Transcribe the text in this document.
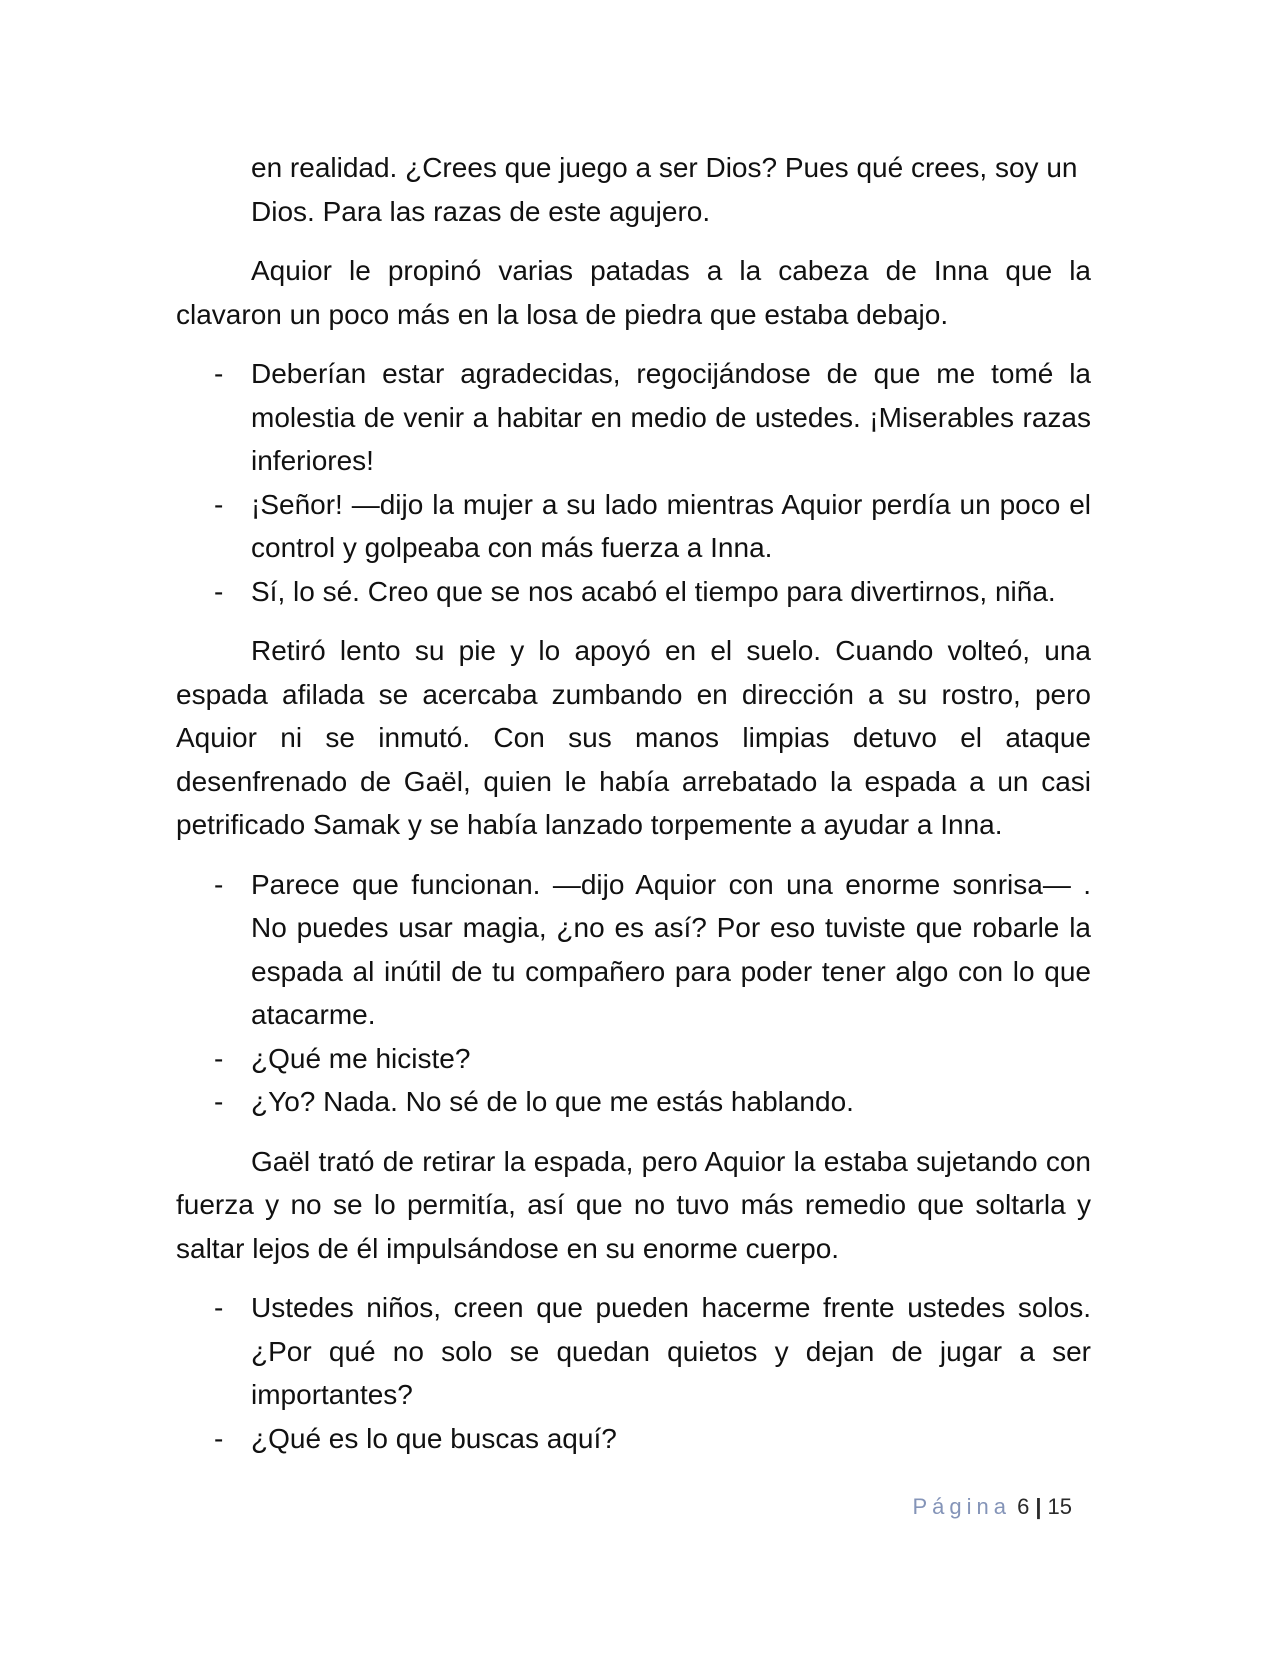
en realidad. ¿Crees que juego a ser Dios? Pues qué crees, soy un Dios. Para las razas de este agujero.

Aquior le propinó varias patadas a la cabeza de Inna que la clavaron un poco más en la losa de piedra que estaba debajo.

- Deberían estar agradecidas, regocijándose de que me tomé la molestia de venir a habitar en medio de ustedes. ¡Miserables razas inferiores!
- ¡Señor! —dijo la mujer a su lado mientras Aquior perdía un poco el control y golpeaba con más fuerza a Inna.
- Sí, lo sé. Creo que se nos acabó el tiempo para divertirnos, niña.

Retiró lento su pie y lo apoyó en el suelo. Cuando volteó, una espada afilada se acercaba zumbando en dirección a su rostro, pero Aquior ni se inmutó. Con sus manos limpias detuvo el ataque desenfrenado de Gaël, quien le había arrebatado la espada a un casi petrificado Samak y se había lanzado torpemente a ayudar a Inna.

- Parece que funcionan. —dijo Aquior con una enorme sonrisa— . No puedes usar magia, ¿no es así? Por eso tuviste que robarle la espada al inútil de tu compañero para poder tener algo con lo que atacarme.
- ¿Qué me hiciste?
- ¿Yo? Nada. No sé de lo que me estás hablando.

Gaël trató de retirar la espada, pero Aquior la estaba sujetando con fuerza y no se lo permitía, así que no tuvo más remedio que soltarla y saltar lejos de él impulsándose en su enorme cuerpo.

- Ustedes niños, creen que pueden hacerme frente ustedes solos. ¿Por qué no solo se quedan quietos y dejan de jugar a ser importantes?
- ¿Qué es lo que buscas aquí?
Página 6 | 15
